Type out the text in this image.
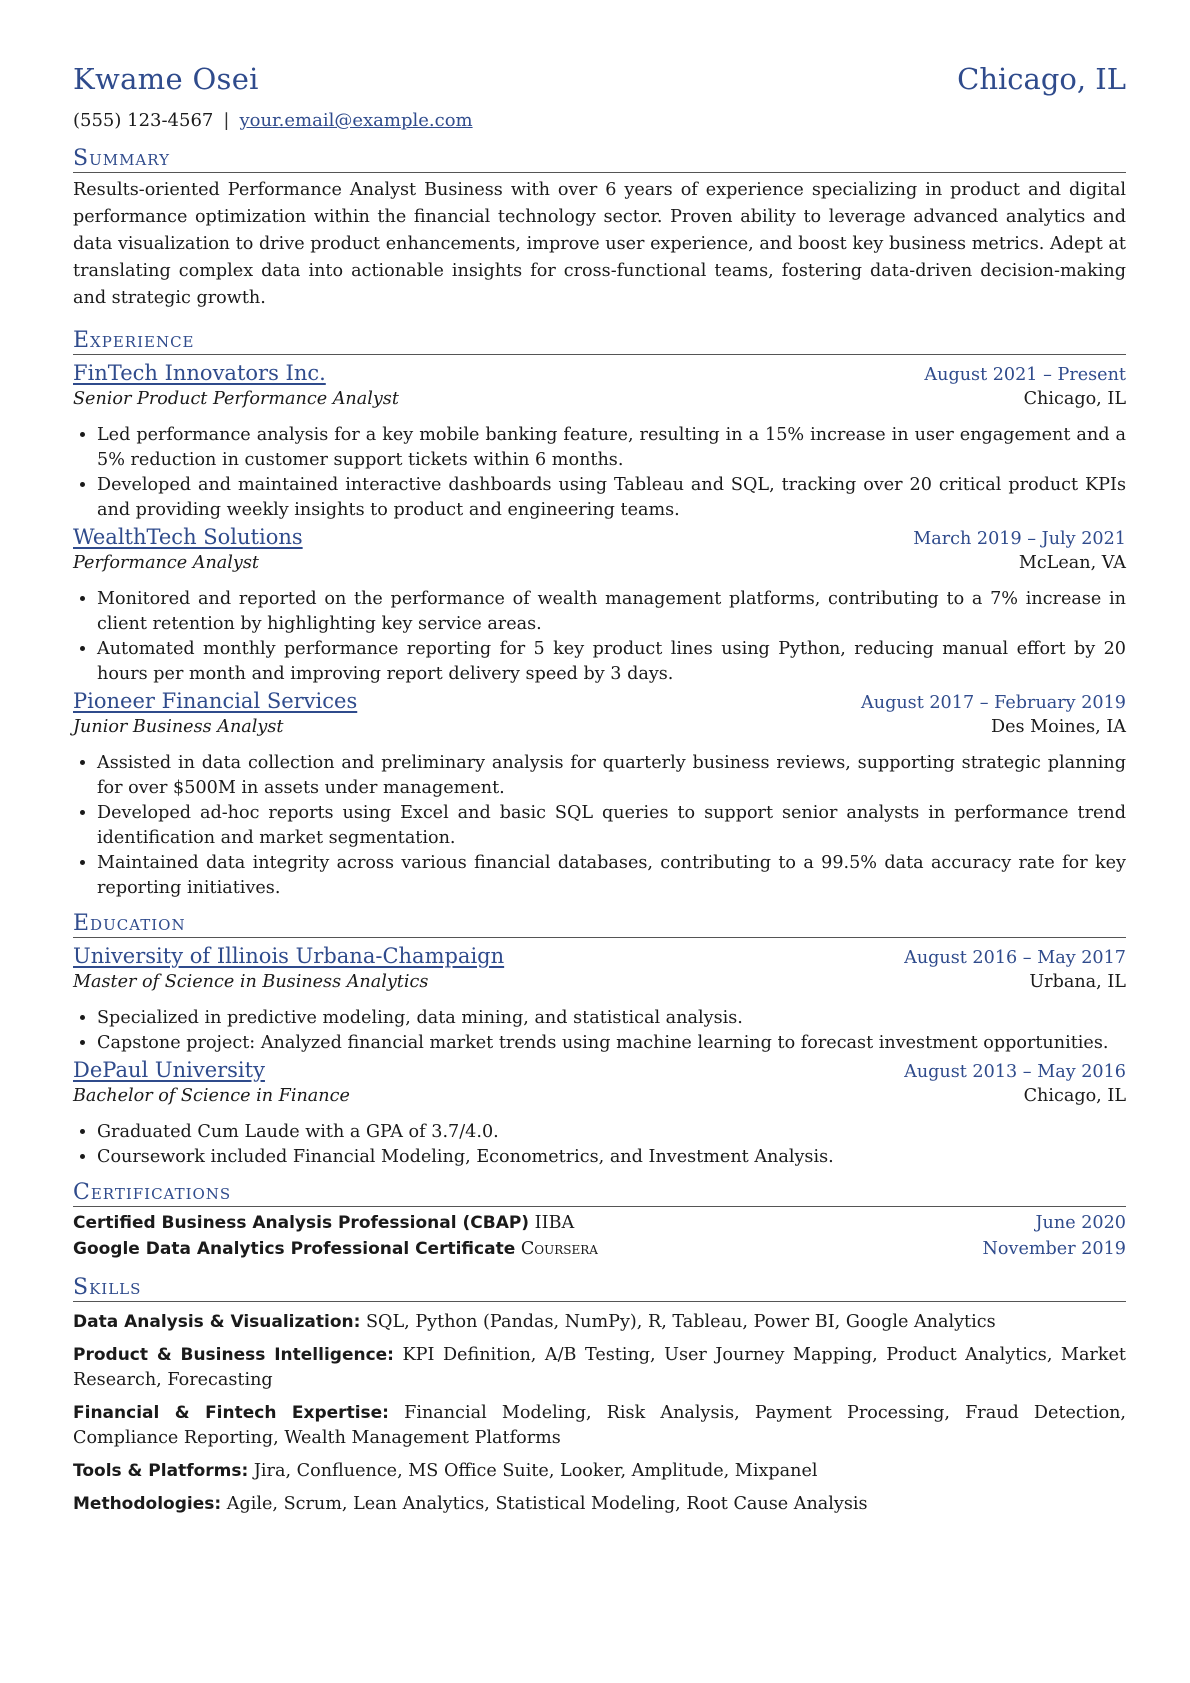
Kwame Osei	Chicago, IL
(555) 123-4567 | your.email@example.com
Summary
Results-oriented Performance Analyst Business with over 6 years of experience specializing in product and digital performance optimization within the financial technology sector. Proven ability to leverage advanced analytics and data visualization to drive product enhancements, improve user experience, and boost key business metrics. Adept at translating complex data into actionable insights for cross-functional teams, fostering data-driven decision-making and strategic growth.
Experience
FinTech Innovators Inc.	August 2021 – Present
Senior Product Performance Analyst	Chicago, IL
• Led performance analysis for a key mobile banking feature, resulting in a 15% increase in user engagement and a 5% reduction in customer support tickets within 6 months.
• Developed and maintained interactive dashboards using Tableau and SQL, tracking over 20 critical product KPIs and providing weekly insights to product and engineering teams.
WealthTech Solutions	March 2019 – July 2021
Performance Analyst	McLean, VA
• Monitored and reported on the performance of wealth management platforms, contributing to a 7% increase in client retention by highlighting key service areas.
• Automated monthly performance reporting for 5 key product lines using Python, reducing manual effort by 20 hours per month and improving report delivery speed by 3 days.
Pioneer Financial Services	August 2017 – February 2019
Junior Business Analyst	Des Moines, IA
• Assisted in data collection and preliminary analysis for quarterly business reviews, supporting strategic planning for over $500M in assets under management.
• Developed ad-hoc reports using Excel and basic SQL queries to support senior analysts in performance trend identification and market segmentation.
• Maintained data integrity across various financial databases, contributing to a 99.5% data accuracy rate for key reporting initiatives.
Education
University of Illinois Urbana-Champaign	August 2016 – May 2017
Master of Science in Business Analytics	Urbana, IL
• Specialized in predictive modeling, data mining, and statistical analysis.
• Capstone project: Analyzed financial market trends using machine learning to forecast investment opportunities.
DePaul University	August 2013 – May 2016
Bachelor of Science in Finance	Chicago, IL
• Graduated Cum Laude with a GPA of 3.7/4.0.
• Coursework included Financial Modeling, Econometrics, and Investment Analysis.
Certifications
Certified Business Analysis Professional (CBAP) IIBA	June 2020
Google Data Analytics Professional Certificate Coursera	November 2019
Skills
Data Analysis & Visualization: SQL, Python (Pandas, NumPy), R, Tableau, Power BI, Google Analytics
Product & Business Intelligence: KPI Definition, A/B Testing, User Journey Mapping, Product Analytics, Market Research, Forecasting
Financial & Fintech Expertise: Financial Modeling, Risk Analysis, Payment Processing, Fraud Detection, Compliance Reporting, Wealth Management Platforms
Tools & Platforms: Jira, Confluence, MS Office Suite, Looker, Amplitude, Mixpanel
Methodologies: Agile, Scrum, Lean Analytics, Statistical Modeling, Root Cause Analysis
